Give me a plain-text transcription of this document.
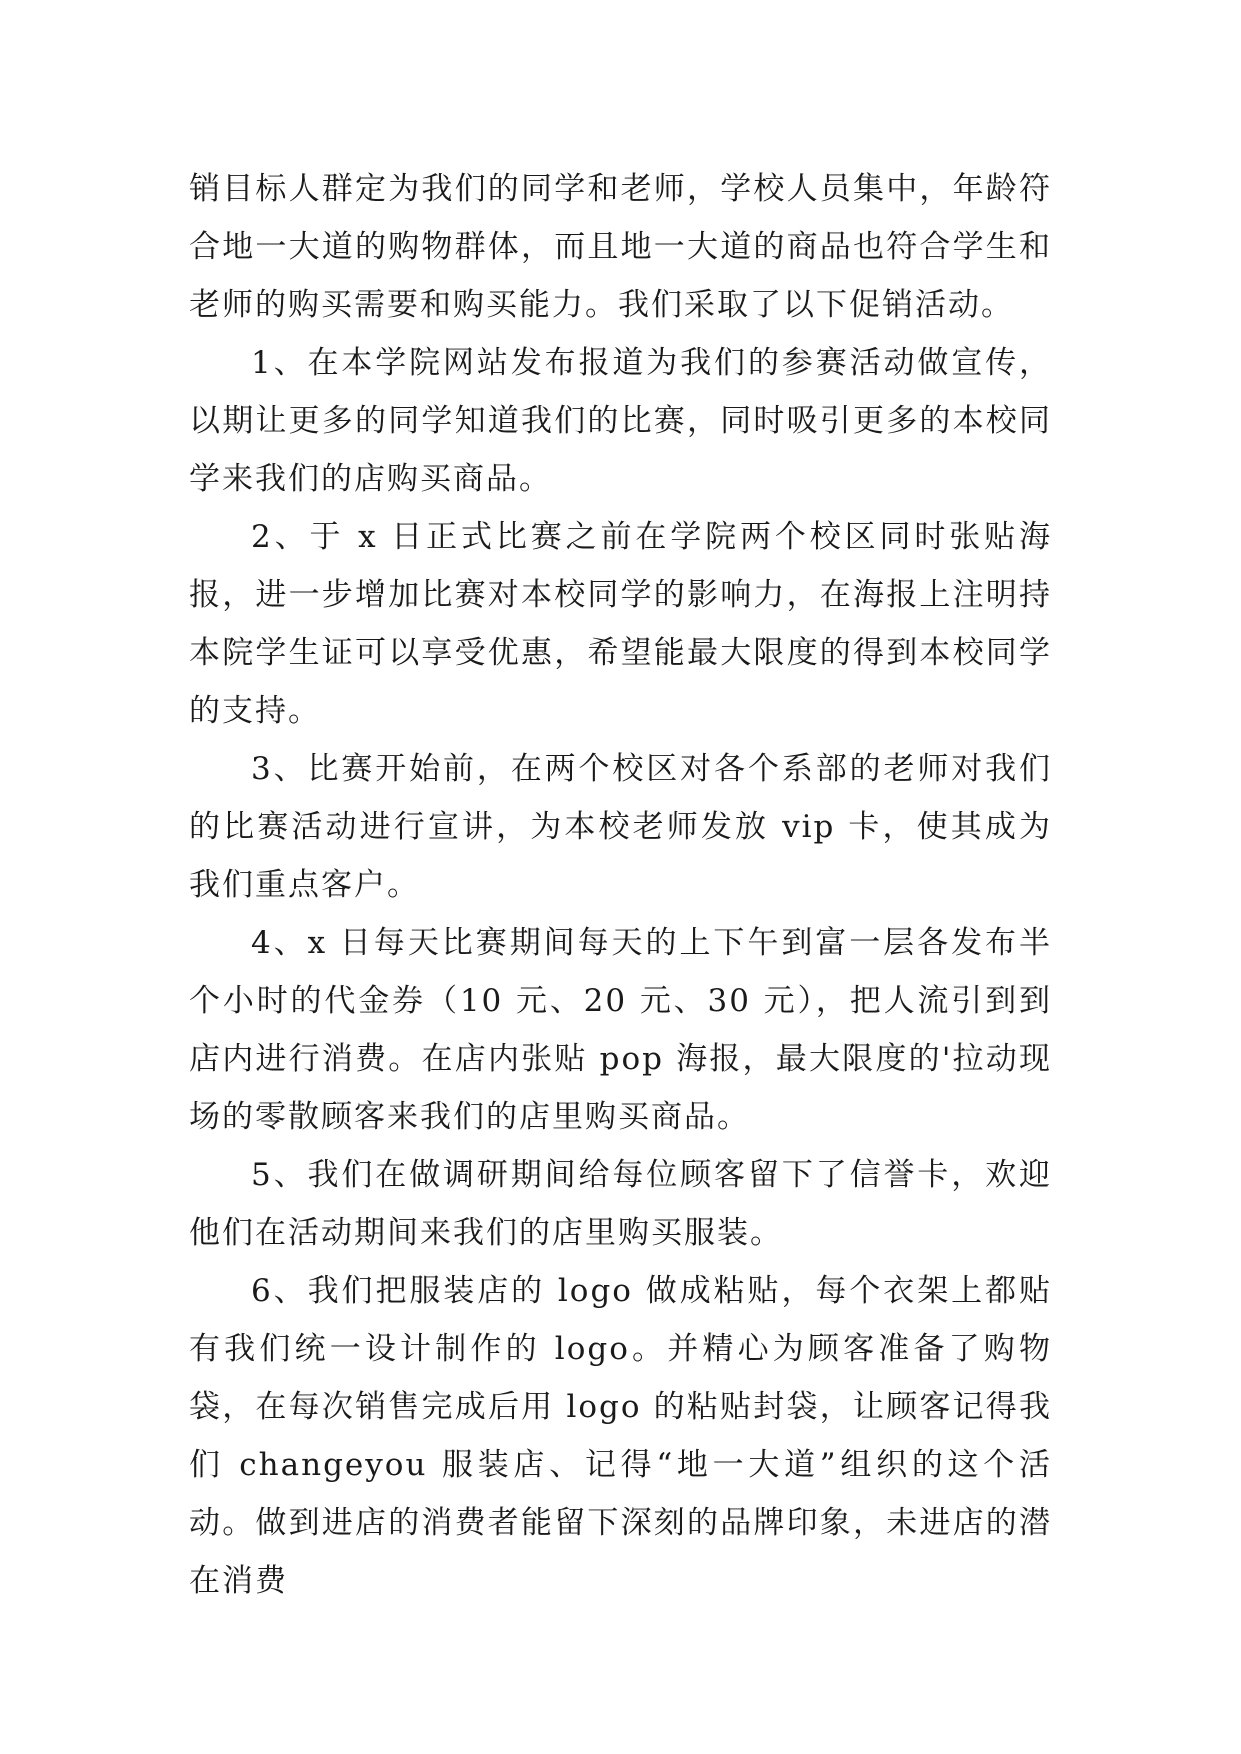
销目标人群定为我们的同学和老师，学校人员集中，年龄符合地一大道的购物群体，而且地一大道的商品也符合学生和老师的购买需要和购买能力。我们采取了以下促销活动。

1、在本学院网站发布报道为我们的参赛活动做宣传，以期让更多的同学知道我们的比赛，同时吸引更多的本校同学来我们的店购买商品。

2、于 x 日正式比赛之前在学院两个校区同时张贴海报，进一步增加比赛对本校同学的影响力，在海报上注明持本院学生证可以享受优惠，希望能最大限度的得到本校同学的支持。

3、比赛开始前，在两个校区对各个系部的老师对我们的比赛活动进行宣讲，为本校老师发放 vip 卡，使其成为我们重点客户。

4、x 日每天比赛期间每天的上下午到富一层各发布半个小时的代金券（10 元、20 元、30 元），把人流引到到店内进行消费。在店内张贴 pop 海报，最大限度的'拉动现场的零散顾客来我们的店里购买商品。

5、我们在做调研期间给每位顾客留下了信誉卡，欢迎他们在活动期间来我们的店里购买服装。

6、我们把服装店的 logo 做成粘贴，每个衣架上都贴有我们统一设计制作的 logo。并精心为顾客准备了购物袋，在每次销售完成后用 logo 的粘贴封袋，让顾客记得我们 changeyou 服装店、记得“地一大道”组织的这个活动。做到进店的消费者能留下深刻的品牌印象，未进店的潜在消费
